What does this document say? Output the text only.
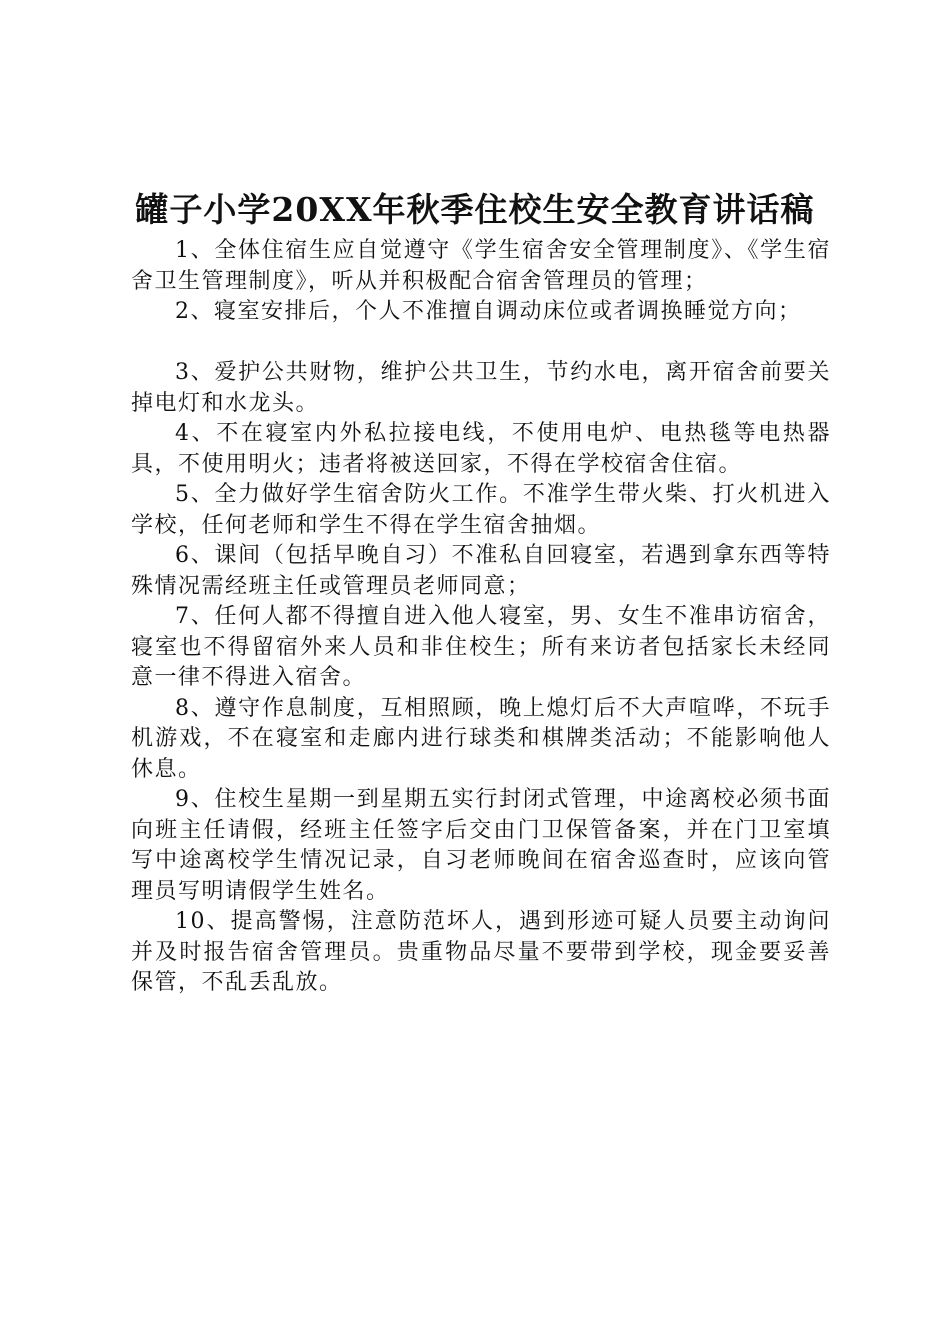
罐子小学20XX年秋季住校生安全教育讲话稿

1、全体住宿生应自觉遵守《学生宿舍安全管理制度》、《学生宿舍卫生管理制度》，听从并积极配合宿舍管理员的管理；

2、寝室安排后，个人不准擅自调动床位或者调换睡觉方向；

3、爱护公共财物，维护公共卫生，节约水电，离开宿舍前要关掉电灯和水龙头。

4、不在寝室内外私拉接电线，不使用电炉、电热毯等电热器具，不使用明火；违者将被送回家，不得在学校宿舍住宿。

5、全力做好学生宿舍防火工作。不准学生带火柴、打火机进入学校，任何老师和学生不得在学生宿舍抽烟。

6、课间（包括早晚自习）不准私自回寝室，若遇到拿东西等特殊情况需经班主任或管理员老师同意；

7、任何人都不得擅自进入他人寝室，男、女生不准串访宿舍，寝室也不得留宿外来人员和非住校生；所有来访者包括家长未经同意一律不得进入宿舍。

8、遵守作息制度，互相照顾，晚上熄灯后不大声喧哗，不玩手机游戏，不在寝室和走廊内进行球类和棋牌类活动；不能影响他人休息。

9、住校生星期一到星期五实行封闭式管理，中途离校必须书面向班主任请假，经班主任签字后交由门卫保管备案，并在门卫室填写中途离校学生情况记录，自习老师晚间在宿舍巡查时，应该向管理员写明请假学生姓名。

10、提高警惕，注意防范坏人，遇到形迹可疑人员要主动询问并及时报告宿舍管理员。贵重物品尽量不要带到学校，现金要妥善保管，不乱丢乱放。
